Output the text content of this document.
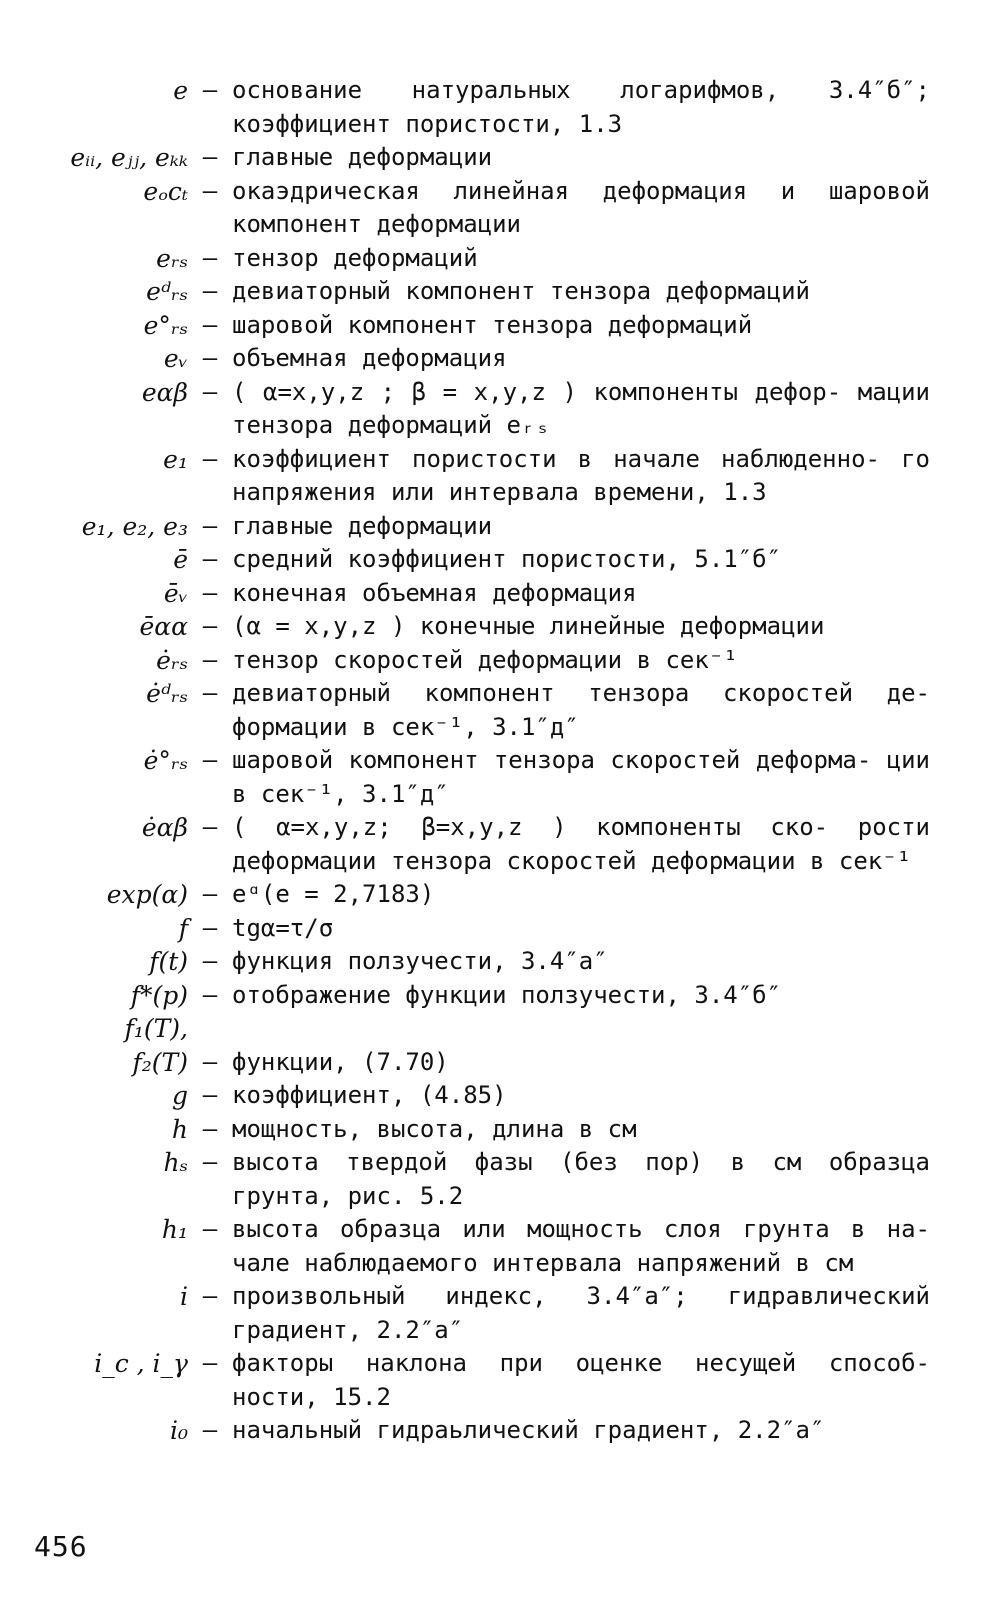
e – основание натуральных логарифмов, 3.4″б″; коэффициент пористости, 1.3
eᵢᵢ, eⱼⱼ, eₖₖ – главные деформации
eₒcₜ – окаэдрическая линейная деформация и шаровой компонент деформации
eᵣₛ – тензор деформаций
eᵈᵣₛ – девиаторный компонент тензора деформаций
e°ᵣₛ – шаровой компонент тензора деформаций
eᵥ – объемная деформация
eαβ – ( α=x,y,z ; β = x,y,z ) компоненты дефор- мации тензора деформаций eᵣₛ
e₁ – коэффициент пористости в начале наблюденно- го напряжения или интервала времени, 1.3
e₁, e₂, e₃ – главные деформации
ē – средний коэффициент пористости, 5.1″б″
ēᵥ – конечная объемная деформация
ēαα – (α = x,y,z ) конечные линейные деформации
ėᵣₛ – тензор скоростей деформации в сек⁻¹
ėᵈᵣₛ – девиаторный компонент тензора скоростей де- формации в сек⁻¹, 3.1″д″
ė°ᵣₛ – шаровой компонент тензора скоростей деформа- ции в сек⁻¹, 3.1″д″
ėαβ – ( α=x,y,z; β=x,y,z ) компоненты ско- рости деформации тензора скоростей деформации в сек⁻¹
exp(α) – eᵅ(e = 2,7183)
f – tgα=τ/σ
f(t) – функция ползучести, 3.4″а″
f*(p) – отображение функции ползучести, 3.4″б″
f₁(T),
f₂(T) – функции, (7.70)
g – коэффициент, (4.85)
h – мощность, высота, длина в см
hₛ – высота твердой фазы (без пор) в см образца грунта, рис. 5.2
h₁ – высота образца или мощность слоя грунта в на- чале наблюдаемого интервала напряжений в см
i – произвольный индекс, 3.4″а″; гидравлический градиент, 2.2″а″
i_c , i_γ – факторы наклона при оценке несущей способ- ности, 15.2
i₀ – начальный гидраьлический градиент, 2.2″а″
456
